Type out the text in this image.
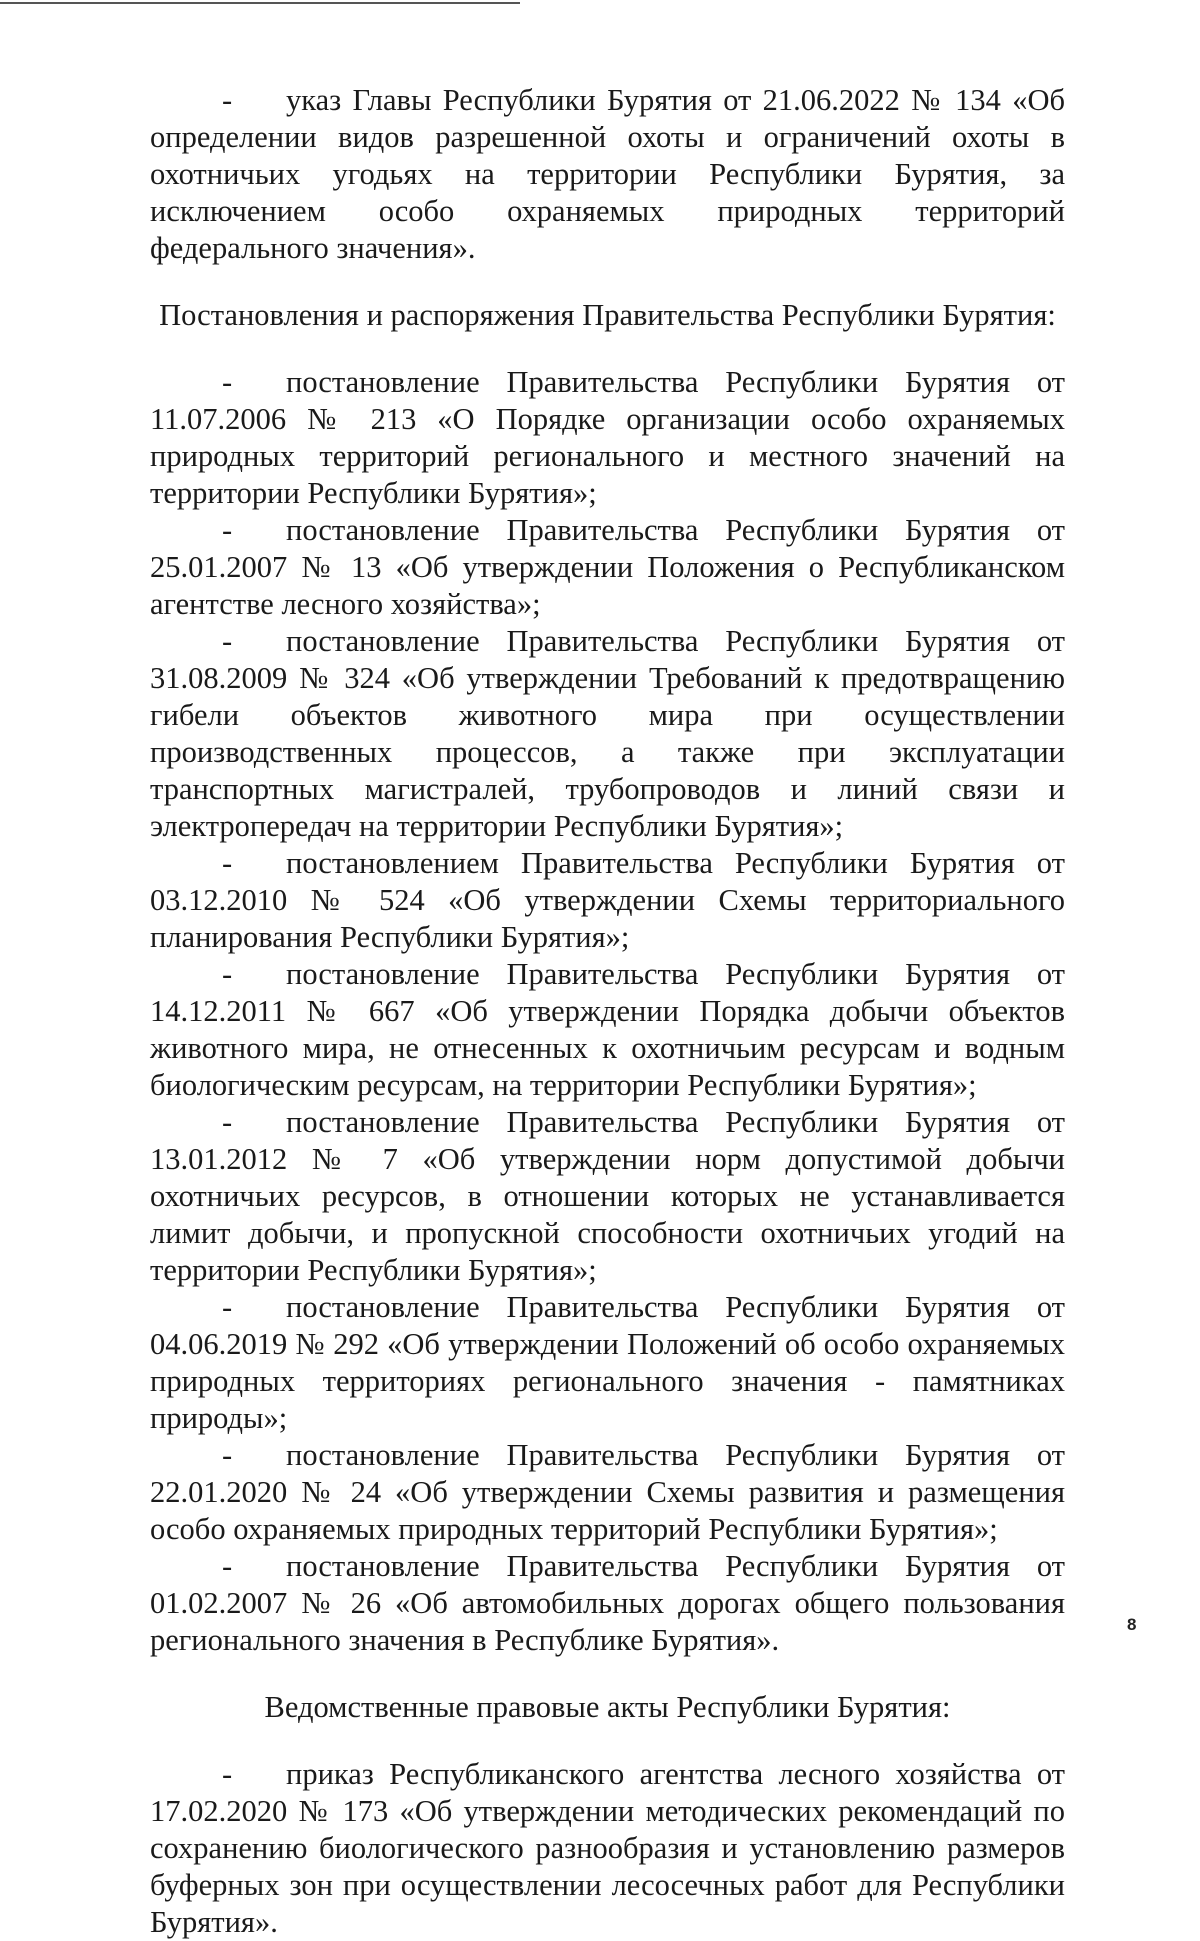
- указ Главы Республики Бурятия от 21.06.2022 № 134 «Об определении видов разрешенной охоты и ограничений охоты в охотничьих угодьях на территории Республики Бурятия, за исключением особо охраняемых природных территорий федерального значения».

Постановления и распоряжения Правительства Республики Бурятия:

- постановление Правительства Республики Бурятия от 11.07.2006 № 213 «О Порядке организации особо охраняемых природных территорий регионального и местного значений на территории Республики Бурятия»;

- постановление Правительства Республики Бурятия от 25.01.2007 № 13 «Об утверждении Положения о Республиканском агентстве лесного хозяйства»;

- постановление Правительства Республики Бурятия от 31.08.2009 № 324 «Об утверждении Требований к предотвращению гибели объектов животного мира при осуществлении производственных процессов, а также при эксплуатации транспортных магистралей, трубопроводов и линий связи и электропередач на территории Республики Бурятия»;

- постановлением Правительства Республики Бурятия от 03.12.2010 № 524 «Об утверждении Схемы территориального планирования Республики Бурятия»;

- постановление Правительства Республики Бурятия от 14.12.2011 № 667 «Об утверждении Порядка добычи объектов животного мира, не отнесенных к охотничьим ресурсам и водным биологическим ресурсам, на территории Республики Бурятия»;

- постановление Правительства Республики Бурятия от 13.01.2012 № 7 «Об утверждении норм допустимой добычи охотничьих ресурсов, в отношении которых не устанавливается лимит добычи, и пропускной способности охотничьих угодий на территории Республики Бурятия»;

- постановление Правительства Республики Бурятия от 04.06.2019 № 292 «Об утверждении Положений об особо охраняемых природных территориях регионального значения - памятниках природы»;

- постановление Правительства Республики Бурятия от 22.01.2020 № 24 «Об утверждении Схемы развития и размещения особо охраняемых природных территорий Республики Бурятия»;

- постановление Правительства Республики Бурятия от 01.02.2007 № 26 «Об автомобильных дорогах общего пользования регионального значения в Республике Бурятия».

Ведомственные правовые акты Республики Бурятия:

- приказ Республиканского агентства лесного хозяйства от 17.02.2020 № 173 «Об утверждении методических рекомендаций по сохранению биологического разнообразия и установлению размеров буферных зон при осуществлении лесосечных работ для Республики Бурятия».

8
